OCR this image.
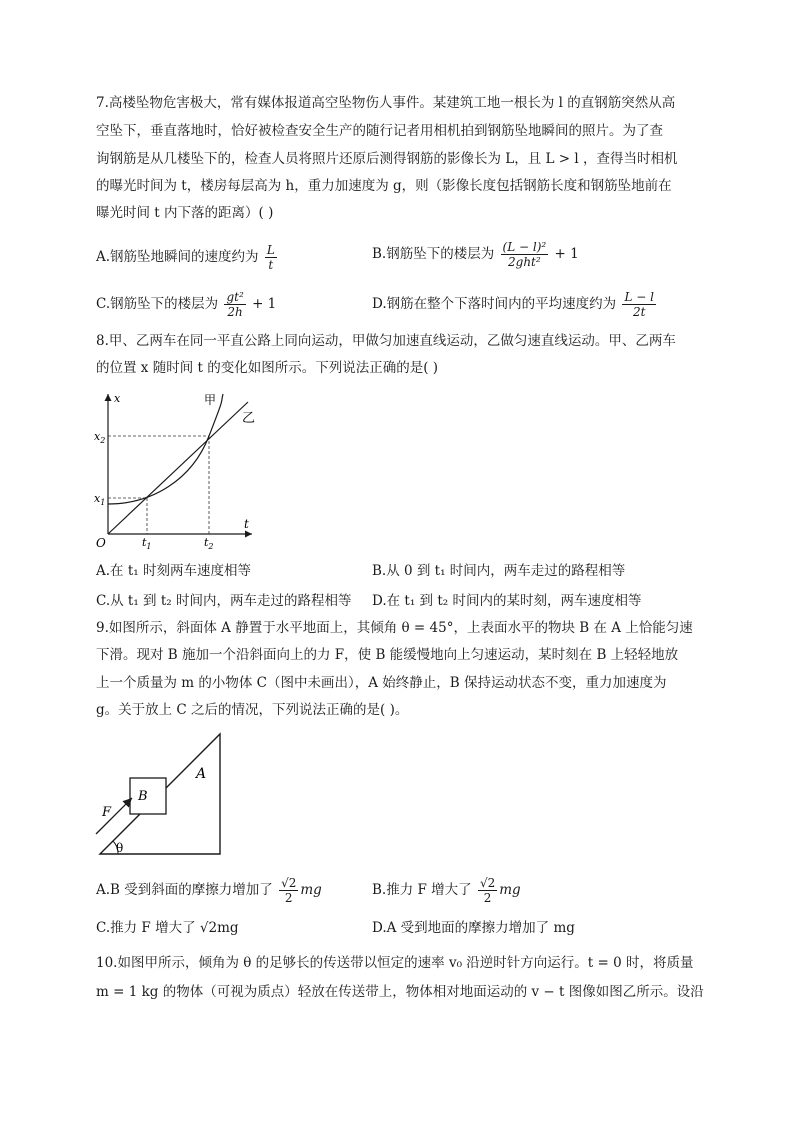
7.高楼坠物危害极大，常有媒体报道高空坠物伤人事件。某建筑工地一根长为 l 的直钢筋突然从高
空坠下，垂直落地时，恰好被检查安全生产的随行记者用相机拍到钢筋坠地瞬间的照片。为了查
询钢筋是从几楼坠下的，检查人员将照片还原后测得钢筋的影像长为 L，且 L > l ，查得当时相机
的曝光时间为 t，楼房每层高为 h，重力加速度为 g，则（影像长度包括钢筋长度和钢筋坠地前在
曝光时间 t 内下落的距离）( )
A.钢筋坠地瞬间的速度约为 $\frac{L}{t}$	B.钢筋坠下的楼层为 $\frac{\text{(L − l)²}}{\text{2ght²}} + 1$
C.钢筋坠下的楼层为 $\frac{\text{gt²}}{2h} + 1$	D.钢筋在整个下落时间内的平均速度约为 $\frac{L - l}{2t}$
8.甲、乙两车在同一平直公路上同向运动，甲做匀加速直线运动，乙做匀速直线运动。甲、乙两车
的位置 x 随时间 t 的变化如图所示。下列说法正确的是( )
x
t
O
甲
乙
$x_1$
$x_2$
$t_1$	$t_2$
A.在 t₁ 时刻两车速度相等	B.从 0 到 t₁ 时间内，两车走过的路程相等
C.从 t₁ 到 t₂ 时间内，两车走过的路程相等 D.在 t₁ 到 t₂ 时间内的某时刻，两车速度相等
9.如图所示，斜面体 A 静置于水平地面上，其倾角 θ = 45°，上表面水平的物块 B 在 A 上恰能匀速
下滑。现对 B 施加一个沿斜面向上的力 F，使 B 能缓慢地向上匀速运动，某时刻在 B 上轻轻地放
上一个质量为 m 的小物体 C（图中未画出），A 始终静止，B 保持运动状态不变，重力加速度为
g。关于放上 C 之后的情况，下列说法正确的是( )。
A
B
F
θ
A.B 受到斜面的摩擦力增加了 $\frac{√2}{2}$ mg	B.推力 F 增大了 $\frac{√2}{2}$ mg
C.推力 F 增大了 √2mg	D.A 受到地面的摩擦力增加了 mg
10.如图甲所示，倾角为 θ 的足够长的传送带以恒定的速率 v₀ 沿逆时针方向运行。t = 0 时，将质量
m = 1 kg 的物体（可视为质点）轻放在传送带上，物体相对地面运动的 v − t 图像如图乙所示。设沿
